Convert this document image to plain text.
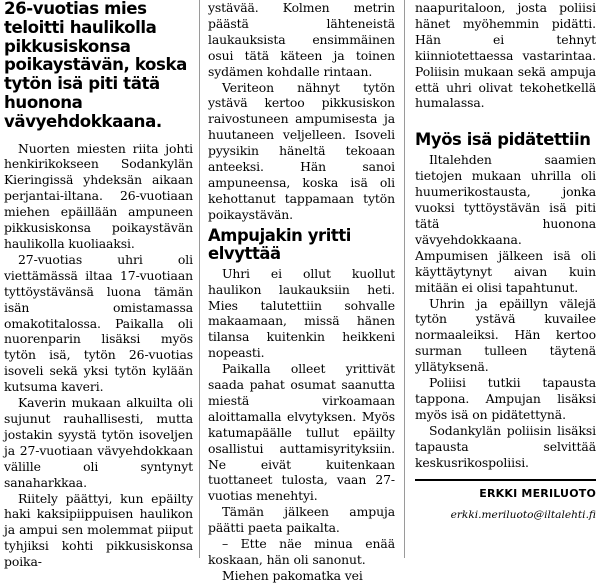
26-vuotias mies teloitti haulikolla pikkusiskonsa poikaystävän, koska tytön isä piti tätä huonona vävyehdokkaana.

Nuorten miesten riita johti henkirikokseen Sodankylän Kieringissä yhdeksän aikaan perjantai-iltana. 26-vuotiaan miehen epäillään ampuneen pikkusiskonsa poikaystävän haulikolla kuoliaaksi.

27-vuotias uhri oli viettämässä iltaa 17-vuotiaan tyttöystävänsä luona tämän isän omistamassa omakotitalossa. Paikalla oli nuorenparin lisäksi myös tytön isä, tytön 26-vuotias isoveli sekä yksi tytön kylään kutsuma kaveri.

Kaverin mukaan alkuilta oli sujunut rauhallisesti, mutta jostakin syystä tytön isoveljen ja 27-vuotiaan vävyehdokkaan välille oli syntynyt sanaharkkaa.

Riitely päättyi, kun epäilty haki kaksipiippuisen haulikon ja ampui sen molemmat piiput tyhjiksi kohti pikkusiskonsa poika-

ystävää. Kolmen metrin päästä lähteneistä laukauksista ensimmäinen osui tätä käteen ja toinen sydämen kohdalle rintaan.

Veriteon nähnyt tytön ystävä kertoo pikkusiskon raivostuneen ampumisesta ja huutaneen veljelleen. Isoveli pyysikin häneltä tekoaan anteeksi. Hän sanoi ampuneensa, koska isä oli kehottanut tappamaan tytön poikaystävän.

Ampujakin yritti elvyttää

Uhri ei ollut kuollut haulikon laukauksiin heti. Mies talutettiin sohvalle makaamaan, missä hänen tilansa kuitenkin heikkeni nopeasti.

Paikalla olleet yrittivät saada pahat osumat saanutta miestä virkoamaan aloittamalla elvytyksen. Myös katumapäälle tullut epäilty osallistui auttamisyrityksiin. Ne eivät kuitenkaan tuottaneet tulosta, vaan 27-vuotias menehtyi.

Tämän jälkeen ampuja päätti paeta paikalta.

– Ette näe minua enää koskaan, hän oli sanonut.

Miehen pakomatka vei

naapuritaloon, josta poliisi hänet myöhemmin pidätti. Hän ei tehnyt kiinniotettaessa vastarintaa. Poliisin mukaan sekä ampuja että uhri olivat tekohetkellä humalassa.

Myös isä pidätettiin

Iltalehden saamien tietojen mukaan uhrilla oli huumerikostausta, jonka vuoksi tyttöystävän isä piti tätä huonona vävyehdokkaana. Ampumisen jälkeen isä oli käyttäytynyt aivan kuin mitään ei olisi tapahtunut.

Uhrin ja epäillyn välejä tytön ystävä kuvailee normaaleiksi. Hän kertoo surman tulleen täytenä yllätyksenä.

Poliisi tutkii tapausta tappona. Ampujan lisäksi myös isä on pidätettynä.

Sodankylän poliisin lisäksi tapausta selvittää keskusrikospoliisi.

ERKKI MERILUOTO
erkki.meriluoto@iltalehti.fi
